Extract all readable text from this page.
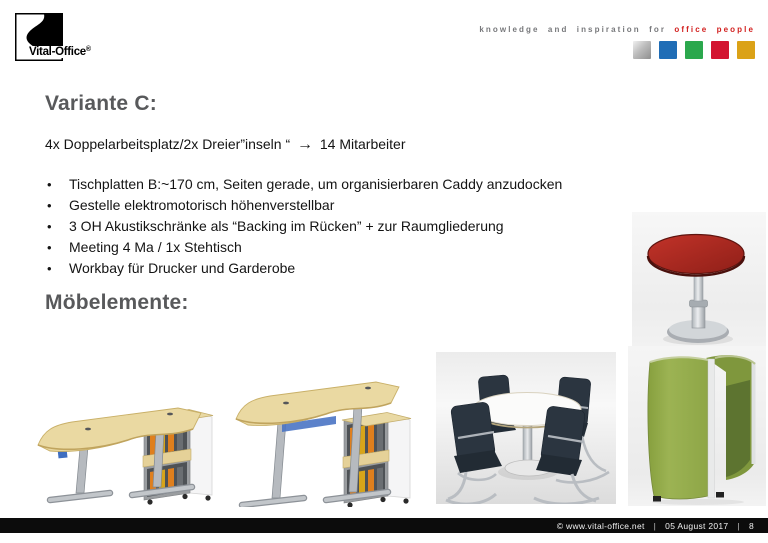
Vital-Office®
knowledge and inspiration for office people
Variante C:
4x Doppelarbeitsplatz/2x Dreier”inseln “ → 14 Mitarbeiter
•	Tischplatten B:~170 cm, Seiten gerade, um organisierbaren Caddy anzudocken
•	Gestelle elektromotorisch höhenverstellbar
•	3 OH Akustikschränke als “Backing im Rücken” + zur Raumgliederung
•	Meeting 4 Ma / 1x Stehtisch
•	Workbay für Drucker und Garderobe
Möbelemente:
© www.vital-office.net | 05 August 2017 | 8
